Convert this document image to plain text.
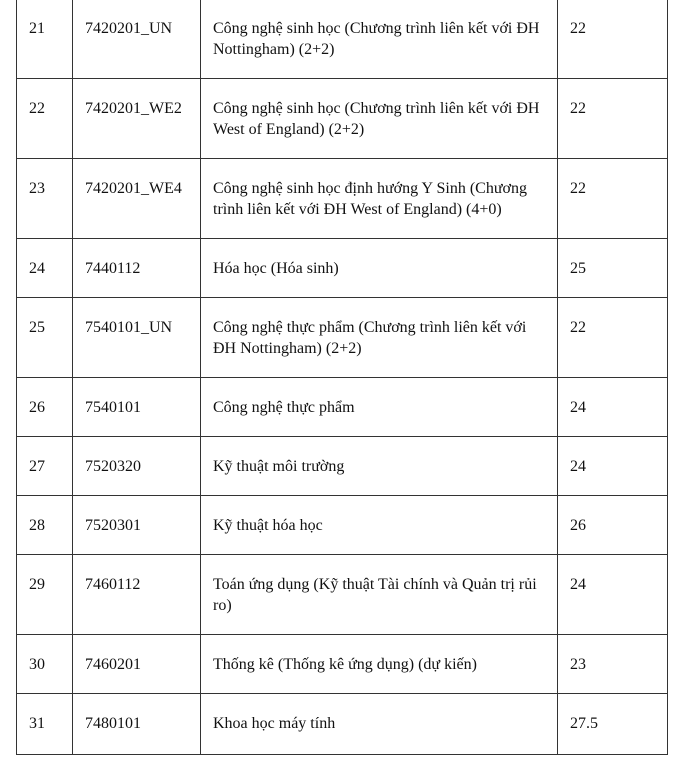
21	7420201_UN	Công nghệ sinh học (Chương trình liên kết với ĐH Nottingham) (2+2)	22
22	7420201_WE2	Công nghệ sinh học (Chương trình liên kết với ĐH West of England) (2+2)	22
23	7420201_WE4	Công nghệ sinh học định hướng Y Sinh (Chương trình liên kết với ĐH West of England) (4+0)	22
24	7440112	Hóa học (Hóa sinh)	25
25	7540101_UN	Công nghệ thực phẩm (Chương trình liên kết với ĐH Nottingham) (2+2)	22
26	7540101	Công nghệ thực phẩm	24
27	7520320	Kỹ thuật môi trường	24
28	7520301	Kỹ thuật hóa học	26
29	7460112	Toán ứng dụng (Kỹ thuật Tài chính và Quản trị rủi ro)	24
30	7460201	Thống kê (Thống kê ứng dụng) (dự kiến)	23
31	7480101	Khoa học máy tính	27.5
